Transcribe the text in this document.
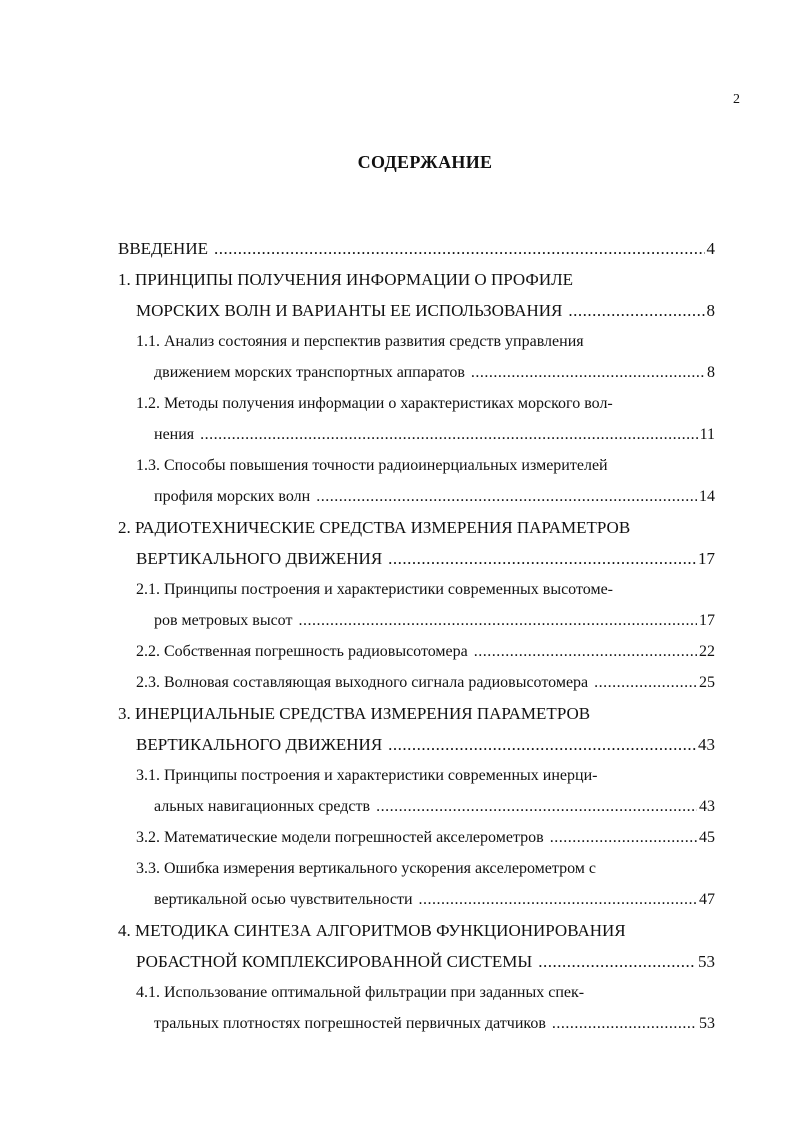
2
СОДЕРЖАНИЕ
ВВЕДЕНИЕ .....	4
1. ПРИНЦИПЫ ПОЛУЧЕНИЯ ИНФОРМАЦИИ О ПРОФИЛЕ
МОРСКИХ ВОЛН И ВАРИАНТЫ ЕЕ ИСПОЛЬЗОВАНИЯ .....	8
1.1. Анализ состояния и перспектив развития средств управления
движением морских транспортных аппаратов .....	8
1.2. Методы получения информации о характеристиках морского вол-
нения .....	11
1.3. Способы повышения точности радиоинерциальных измерителей
профиля морских волн .....	14
2. РАДИОТЕХНИЧЕСКИЕ СРЕДСТВА ИЗМЕРЕНИЯ ПАРАМЕТРОВ
ВЕРТИКАЛЬНОГО ДВИЖЕНИЯ .....	17
2.1. Принципы построения и характеристики современных высотоме-
ров метровых высот .....	17
2.2. Собственная погрешность радиовысотомера .....	22
2.3. Волновая составляющая выходного сигнала радиовысотомера .....	25
3. ИНЕРЦИАЛЬНЫЕ СРЕДСТВА ИЗМЕРЕНИЯ ПАРАМЕТРОВ
ВЕРТИКАЛЬНОГО ДВИЖЕНИЯ .....	43
3.1. Принципы построения и характеристики современных инерци-
альных навигационных средств .....	43
3.2. Математические модели погрешностей акселерометров .....	45
3.3. Ошибка измерения вертикального ускорения акселерометром с
вертикальной осью чувствительности .....	47
4. МЕТОДИКА СИНТЕЗА АЛГОРИТМОВ ФУНКЦИОНИРОВАНИЯ
РОБАСТНОЙ КОМПЛЕКСИРОВАННОЙ СИСТЕМЫ .....	53
4.1. Использование оптимальной фильтрации при заданных спек-
тральных плотностях погрешностей первичных датчиков .....	53
